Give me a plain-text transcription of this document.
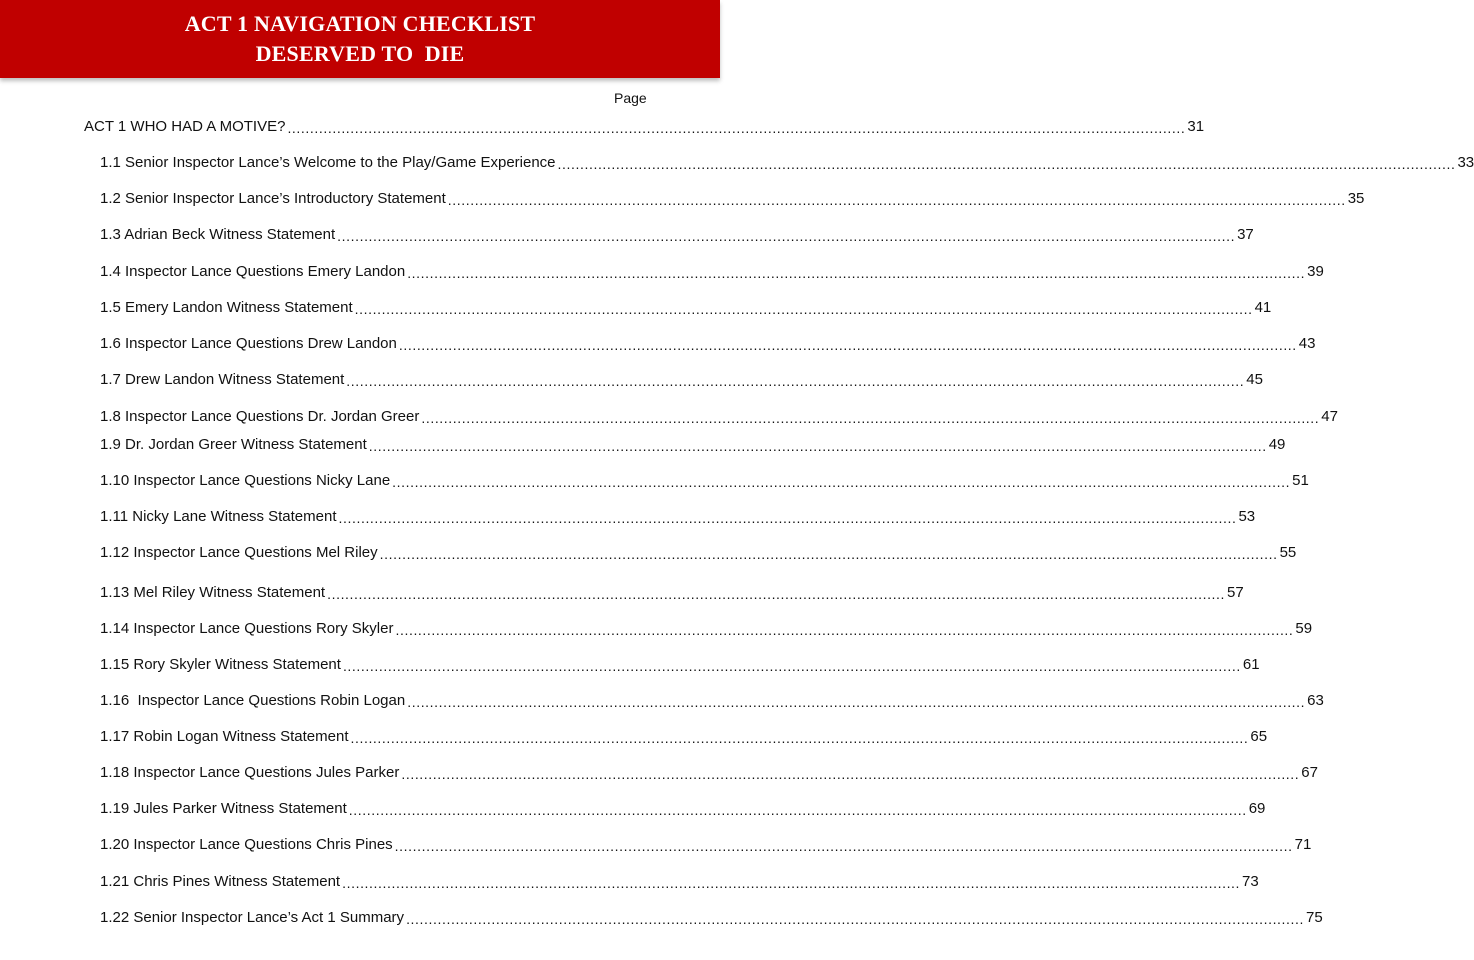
ACT 1 NAVIGATION CHECKLIST
DESERVED TO  DIE
Page
ACT 1 WHO HAD A MOTIVE? ........................................................................................................................................................................................................ 31
1.1 Senior Inspector Lance’s Welcome to the Play/Game Experience ........................................................................................................................................................................................................ 33
1.2 Senior Inspector Lance’s Introductory Statement ........................................................................................................................................................................................................ 35
1.3 Adrian Beck Witness Statement ........................................................................................................................................................................................................ 37
1.4 Inspector Lance Questions Emery Landon ........................................................................................................................................................................................................ 39
1.5 Emery Landon Witness Statement ........................................................................................................................................................................................................ 41
1.6 Inspector Lance Questions Drew Landon ........................................................................................................................................................................................................ 43
1.7 Drew Landon Witness Statement ........................................................................................................................................................................................................ 45
1.8 Inspector Lance Questions Dr. Jordan Greer ........................................................................................................................................................................................................ 47
1.9 Dr. Jordan Greer Witness Statement ........................................................................................................................................................................................................ 49
1.10 Inspector Lance Questions Nicky Lane ........................................................................................................................................................................................................ 51
1.11 Nicky Lane Witness Statement ........................................................................................................................................................................................................ 53
1.12 Inspector Lance Questions Mel Riley ........................................................................................................................................................................................................ 55
1.13 Mel Riley Witness Statement ........................................................................................................................................................................................................ 57
1.14 Inspector Lance Questions Rory Skyler ........................................................................................................................................................................................................ 59
1.15 Rory Skyler Witness Statement ........................................................................................................................................................................................................ 61
1.16  Inspector Lance Questions Robin Logan ........................................................................................................................................................................................................ 63
1.17 Robin Logan Witness Statement ........................................................................................................................................................................................................ 65
1.18 Inspector Lance Questions Jules Parker ........................................................................................................................................................................................................ 67
1.19 Jules Parker Witness Statement ........................................................................................................................................................................................................ 69
1.20 Inspector Lance Questions Chris Pines ........................................................................................................................................................................................................ 71
1.21 Chris Pines Witness Statement ........................................................................................................................................................................................................ 73
1.22 Senior Inspector Lance’s Act 1 Summary ........................................................................................................................................................................................................ 75
